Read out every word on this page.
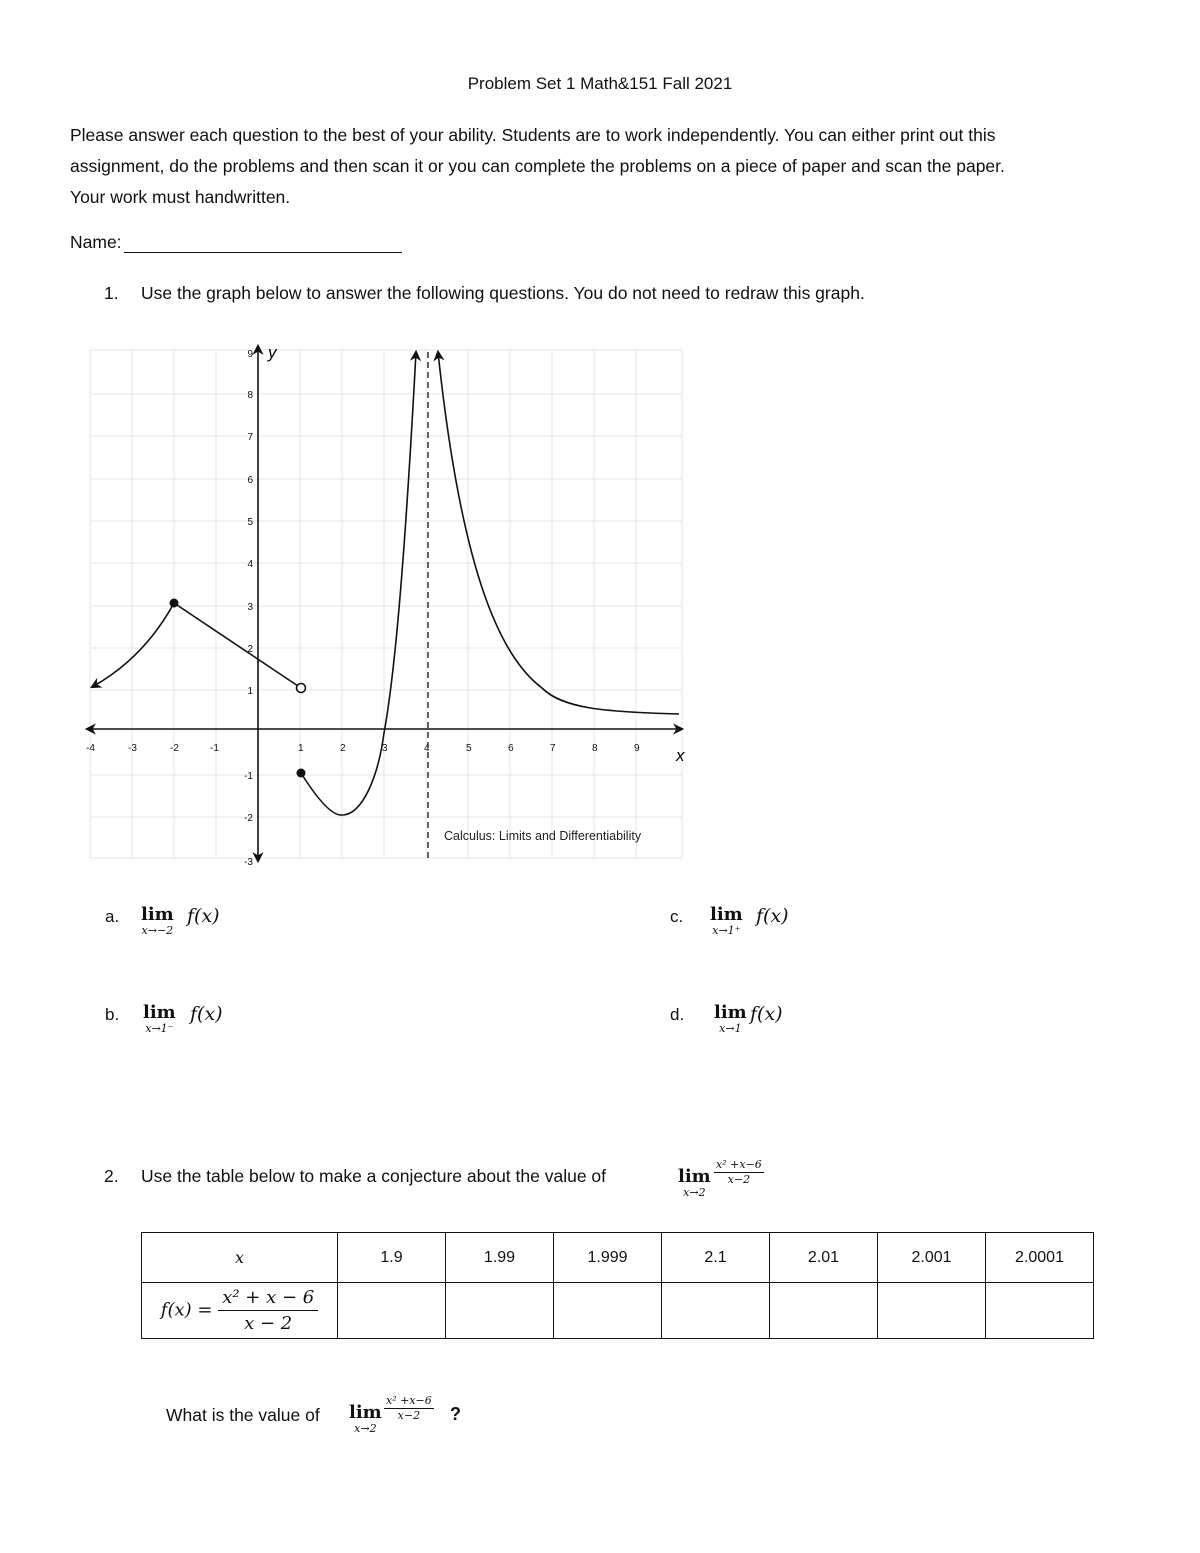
Problem Set 1 Math&151 Fall 2021
Please answer each question to the best of your ability. Students are to work independently. You can either print out this
assignment, do the problems and then scan it or you can complete the problems on a piece of paper and scan the paper.
Your work must handwritten.
Name:
1. Use the graph below to answer the following questions. You do not need to redraw this graph.
-4	-3	-2	-1	1	2	3	4	5	6	7	8	9
9
8
7
6
5
4
3
2
1
-1
-2
-3
x
y
Calculus: Limits and Differentiability
a. lim
x→−2
f(x)
b. lim
x→1⁻
f(x)
c. lim
x→1⁺
f(x)
d. lim
x→1
f(x)
2. Use the table below to make a conjecture about the value of	lim
x→2
$\frac{\text{x² +x−6}}{x-2}$
x	1.9	1.99	1.999	2.1	2.01	2.001	2.0001
$f(x) = \frac{\text{x² + x − 6}}{x - 2}$

What is the value of lim
x→2
$\frac{\text{x² +x−6}}{x-2}$ ?
